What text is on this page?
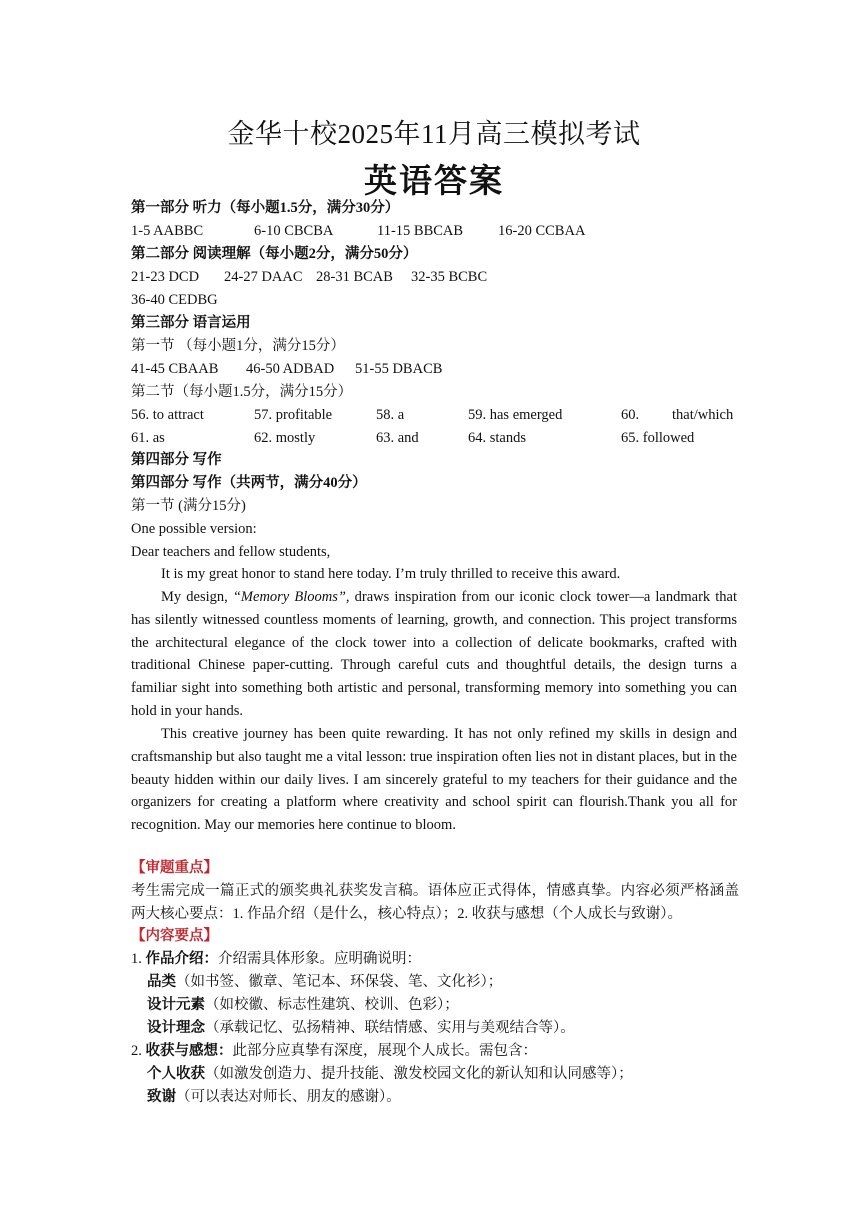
金华十校2025年11月高三模拟考试
英语答案
第一部分 听力（每小题1.5分，满分30分）
1-5 AABBC	6-10 CBCBA	11-15 BBCAB 16-20 CCBAA
第二部分 阅读理解（每小题2分，满分50分）
21-23 DCD 24-27 DAAC 28-31 BCAB 32-35 BCBC
36-40 CEDBG
第三部分 语言运用
第一节 （每小题1分，满分15分）
41-45 CBAAB 46-50 ADBAD 51-55 DBACB
第二节（每小题1.5分，满分15分）
56. to attract	57. profitable	58. a	59. has emerged	60. that/which
61. as	62. mostly	63. and	64. stands	65. followed
第四部分 写作
第四部分 写作（共两节，满分40分）
第一节 (满分15分)
One possible version:
Dear teachers and fellow students,
It is my great honor to stand here today. I’m truly thrilled to receive this award.
My design, “Memory Blooms”, draws inspiration from our iconic clock tower—a landmark that has silently witnessed countless moments of learning, growth, and connection. This project transforms the architectural elegance of the clock tower into a collection of delicate bookmarks, crafted with traditional Chinese paper-cutting. Through careful cuts and thoughtful details, the design turns a familiar sight into something both artistic and personal, transforming memory into something you can hold in your hands.
This creative journey has been quite rewarding. It has not only refined my skills in design and craftsmanship but also taught me a vital lesson: true inspiration often lies not in distant places, but in the beauty hidden within our daily lives. I am sincerely grateful to my teachers for their guidance and the organizers for creating a platform where creativity and school spirit can flourish.Thank you all for recognition. May our memories here continue to bloom.
【审题重点】
考生需完成一篇正式的颁奖典礼获奖发言稿。语体应正式得体，情感真挚。内容必须严格涵盖两大核心要点：1. 作品介绍（是什么，核心特点）；2. 收获与感想（个人成长与致谢）。
【内容要点】
1. 作品介绍：介绍需具体形象。应明确说明：
品类（如书签、徽章、笔记本、环保袋、笔、文化衫）；
设计元素（如校徽、标志性建筑、校训、色彩）；
设计理念（承载记忆、弘扬精神、联结情感、实用与美观结合等）。
2. 收获与感想：此部分应真挚有深度，展现个人成长。需包含：
个人收获（如激发创造力、提升技能、激发校园文化的新认知和认同感等）；
致谢（可以表达对师长、朋友的感谢）。
